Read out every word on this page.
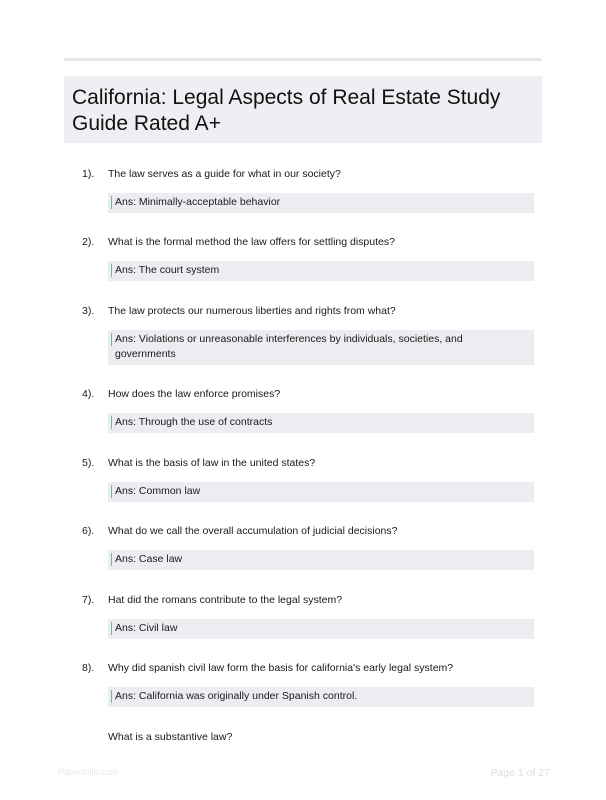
California: Legal Aspects of Real Estate Study Guide Rated A+
1). The law serves as a guide for what in our society?
Ans: Minimally-acceptable behavior
2). What is the formal method the law offers for settling disputes?
Ans: The court system
3). The law protects our numerous liberties and rights from what?
Ans: Violations or unreasonable interferences by individuals, societies, and governments
4). How does the law enforce promises?
Ans: Through the use of contracts
5). What is the basis of law in the united states?
Ans: Common law
6). What do we call the overall accumulation of judicial decisions?
Ans: Case law
7). Hat did the romans contribute to the legal system?
Ans: Civil law
8). Why did spanish civil law form the basis for california's early legal system?
Ans: California was originally under Spanish control.
What is a substantive law?
Paperfolio.com	Page 1 of 27
